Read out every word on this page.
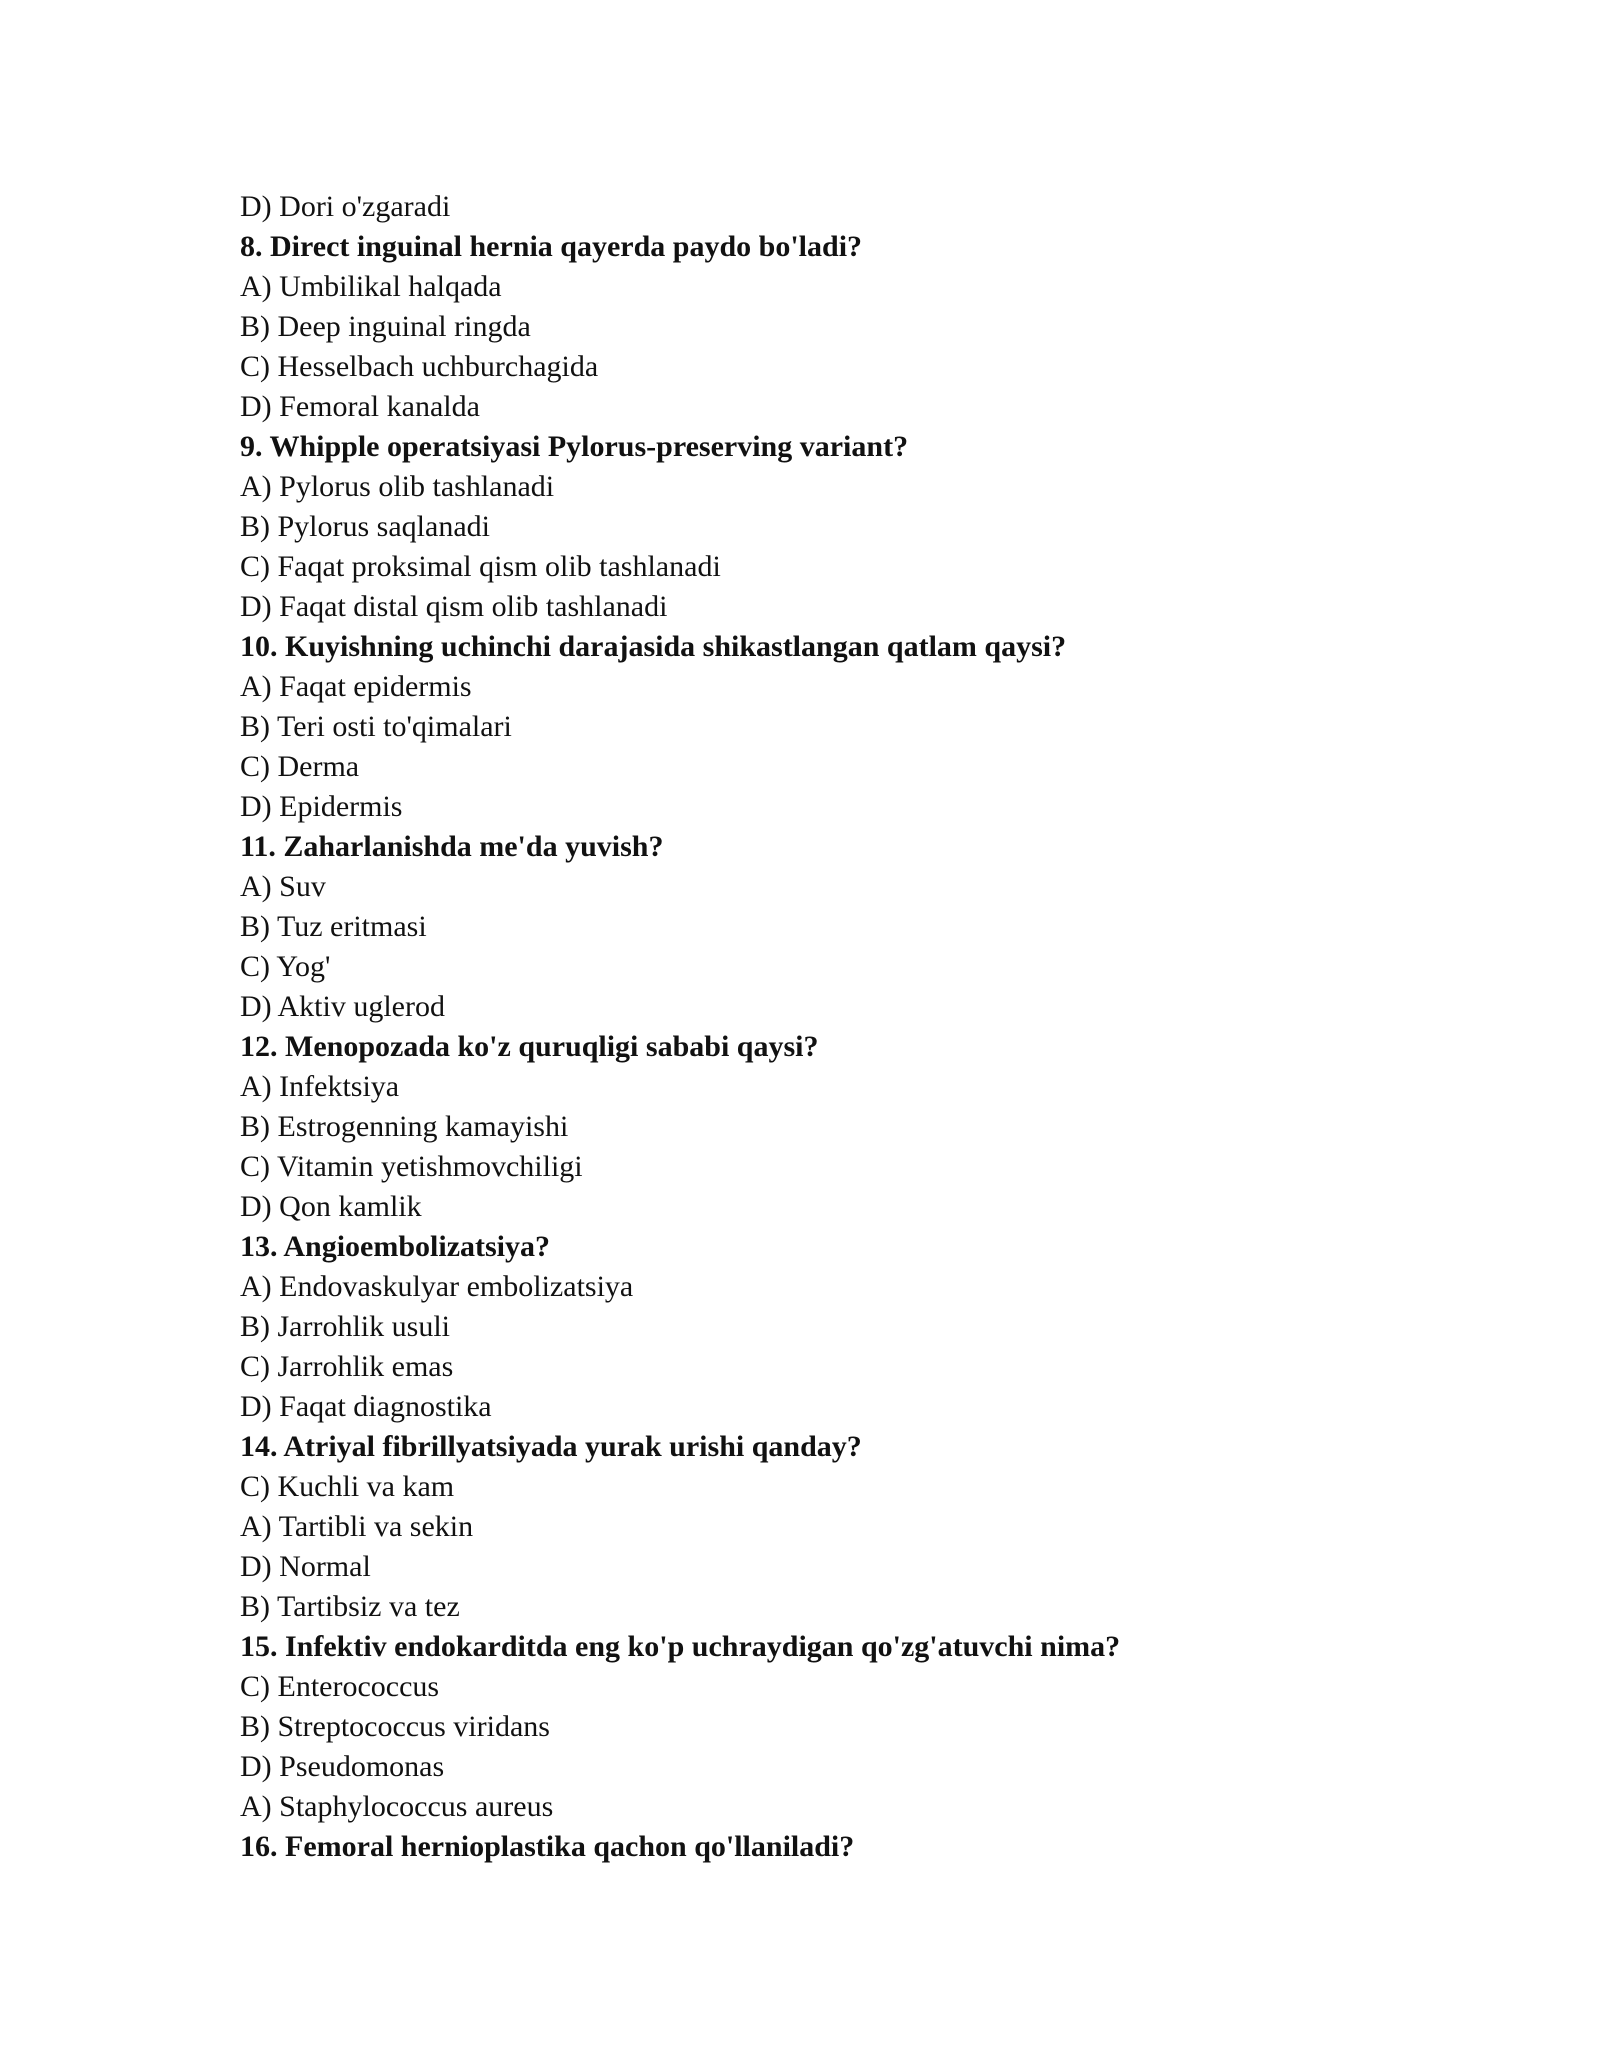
D) Dori o'zgaradi
8. Direct inguinal hernia qayerda paydo bo'ladi?
A) Umbilikal halqada
B) Deep inguinal ringda
C) Hesselbach uchburchagida
D) Femoral kanalda
9. Whipple operatsiyasi Pylorus-preserving variant?
A) Pylorus olib tashlanadi
B) Pylorus saqlanadi
C) Faqat proksimal qism olib tashlanadi
D) Faqat distal qism olib tashlanadi
10. Kuyishning uchinchi darajasida shikastlangan qatlam qaysi?
A) Faqat epidermis
B) Teri osti to'qimalari
C) Derma
D) Epidermis
11. Zaharlanishda me'da yuvish?
A) Suv
B) Tuz eritmasi
C) Yog'
D) Aktiv uglerod
12. Menopozada ko'z quruqligi sababi qaysi?
A) Infektsiya
B) Estrogenning kamayishi
C) Vitamin yetishmovchiligi
D) Qon kamlik
13. Angioembolizatsiya?
A) Endovaskulyar embolizatsiya
B) Jarrohlik usuli
C) Jarrohlik emas
D) Faqat diagnostika
14. Atriyal fibrillyatsiyada yurak urishi qanday?
C) Kuchli va kam
A) Tartibli va sekin
D) Normal
B) Tartibsiz va tez
15. Infektiv endokarditda eng ko'p uchraydigan qo'zg'atuvchi nima?
C) Enterococcus
B) Streptococcus viridans
D) Pseudomonas
A) Staphylococcus aureus
16. Femoral hernioplastika qachon qo'llaniladi?
